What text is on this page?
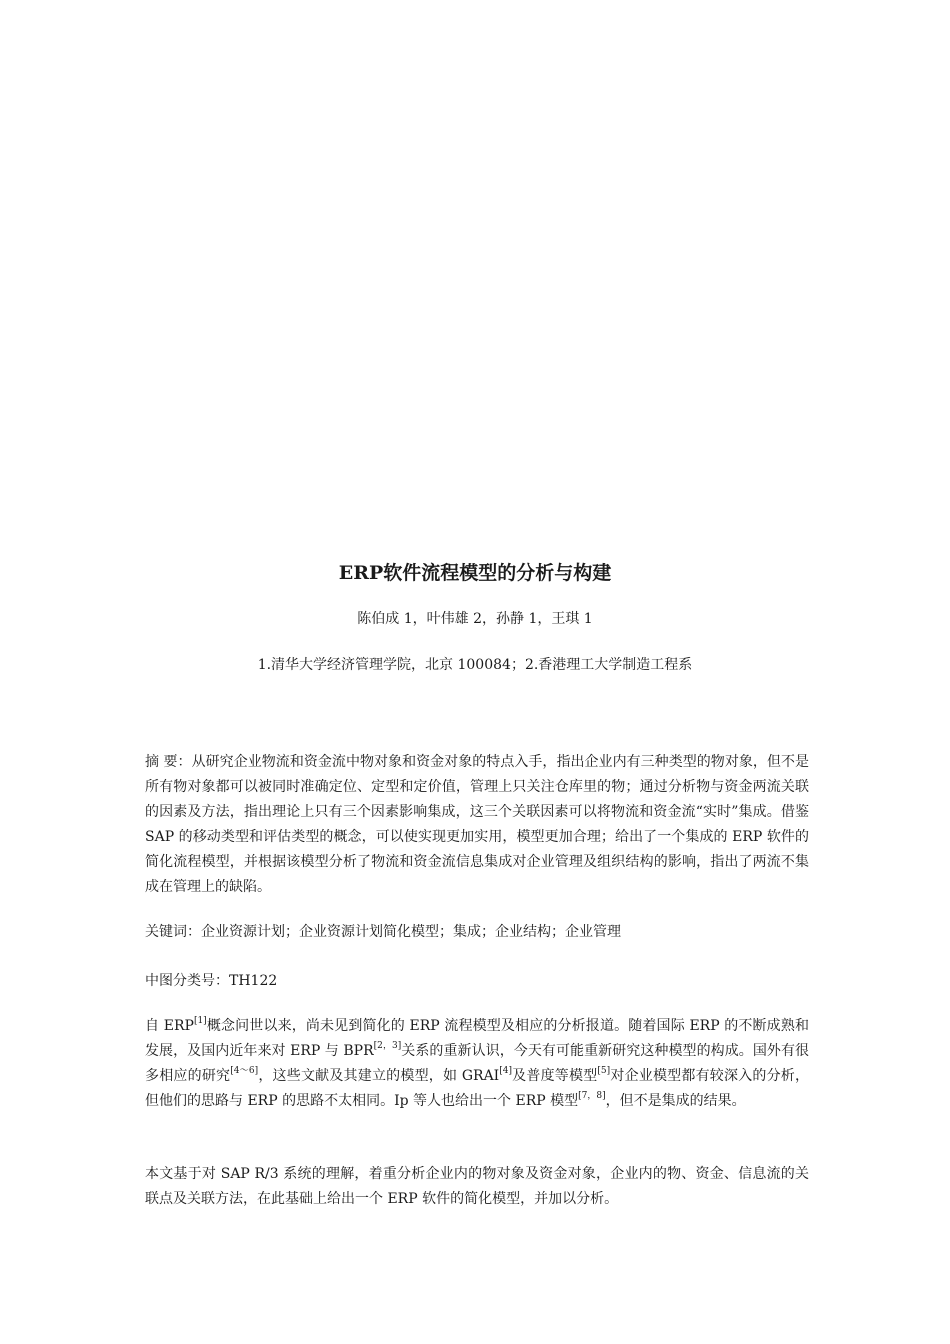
ERP软件流程模型的分析与构建
陈伯成 1，叶伟雄 2，孙静 1，王琪 1
1.清华大学经济管理学院，北京 100084；2.香港理工大学制造工程系

摘 要：从研究企业物流和资金流中物对象和资金对象的特点入手，指出企业内有三种类型的物对象，但不是所有物对象都可以被同时准确定位、定型和定价值，管理上只关注仓库里的物；通过分析物与资金两流关联的因素及方法，指出理论上只有三个因素影响集成，这三个关联因素可以将物流和资金流“实时”集成。借鉴 SAP 的移动类型和评估类型的概念，可以使实现更加实用，模型更加合理；给出了一个集成的 ERP 软件的简化流程模型，并根据该模型分析了物流和资金流信息集成对企业管理及组织结构的影响，指出了两流不集成在管理上的缺陷。

关键词：企业资源计划；企业资源计划简化模型；集成；企业结构；企业管理

中图分类号：TH122

自 ERP[1]概念问世以来，尚未见到简化的 ERP 流程模型及相应的分析报道。随着国际 ERP 的不断成熟和发展，及国内近年来对 ERP 与 BPR[2，3]关系的重新认识，今天有可能重新研究这种模型的构成。国外有很多相应的研究[4～6]，这些文献及其建立的模型，如 GRAI[4]及普度等模型[5]对企业模型都有较深入的分析，但他们的思路与 ERP 的思路不太相同。Ip 等人也给出一个 ERP 模型[7，8]，但不是集成的结果。

本文基于对 SAP R/3 系统的理解，着重分析企业内的物对象及资金对象，企业内的物、资金、信息流的关联点及关联方法，在此基础上给出一个 ERP 软件的简化模型，并加以分析。
